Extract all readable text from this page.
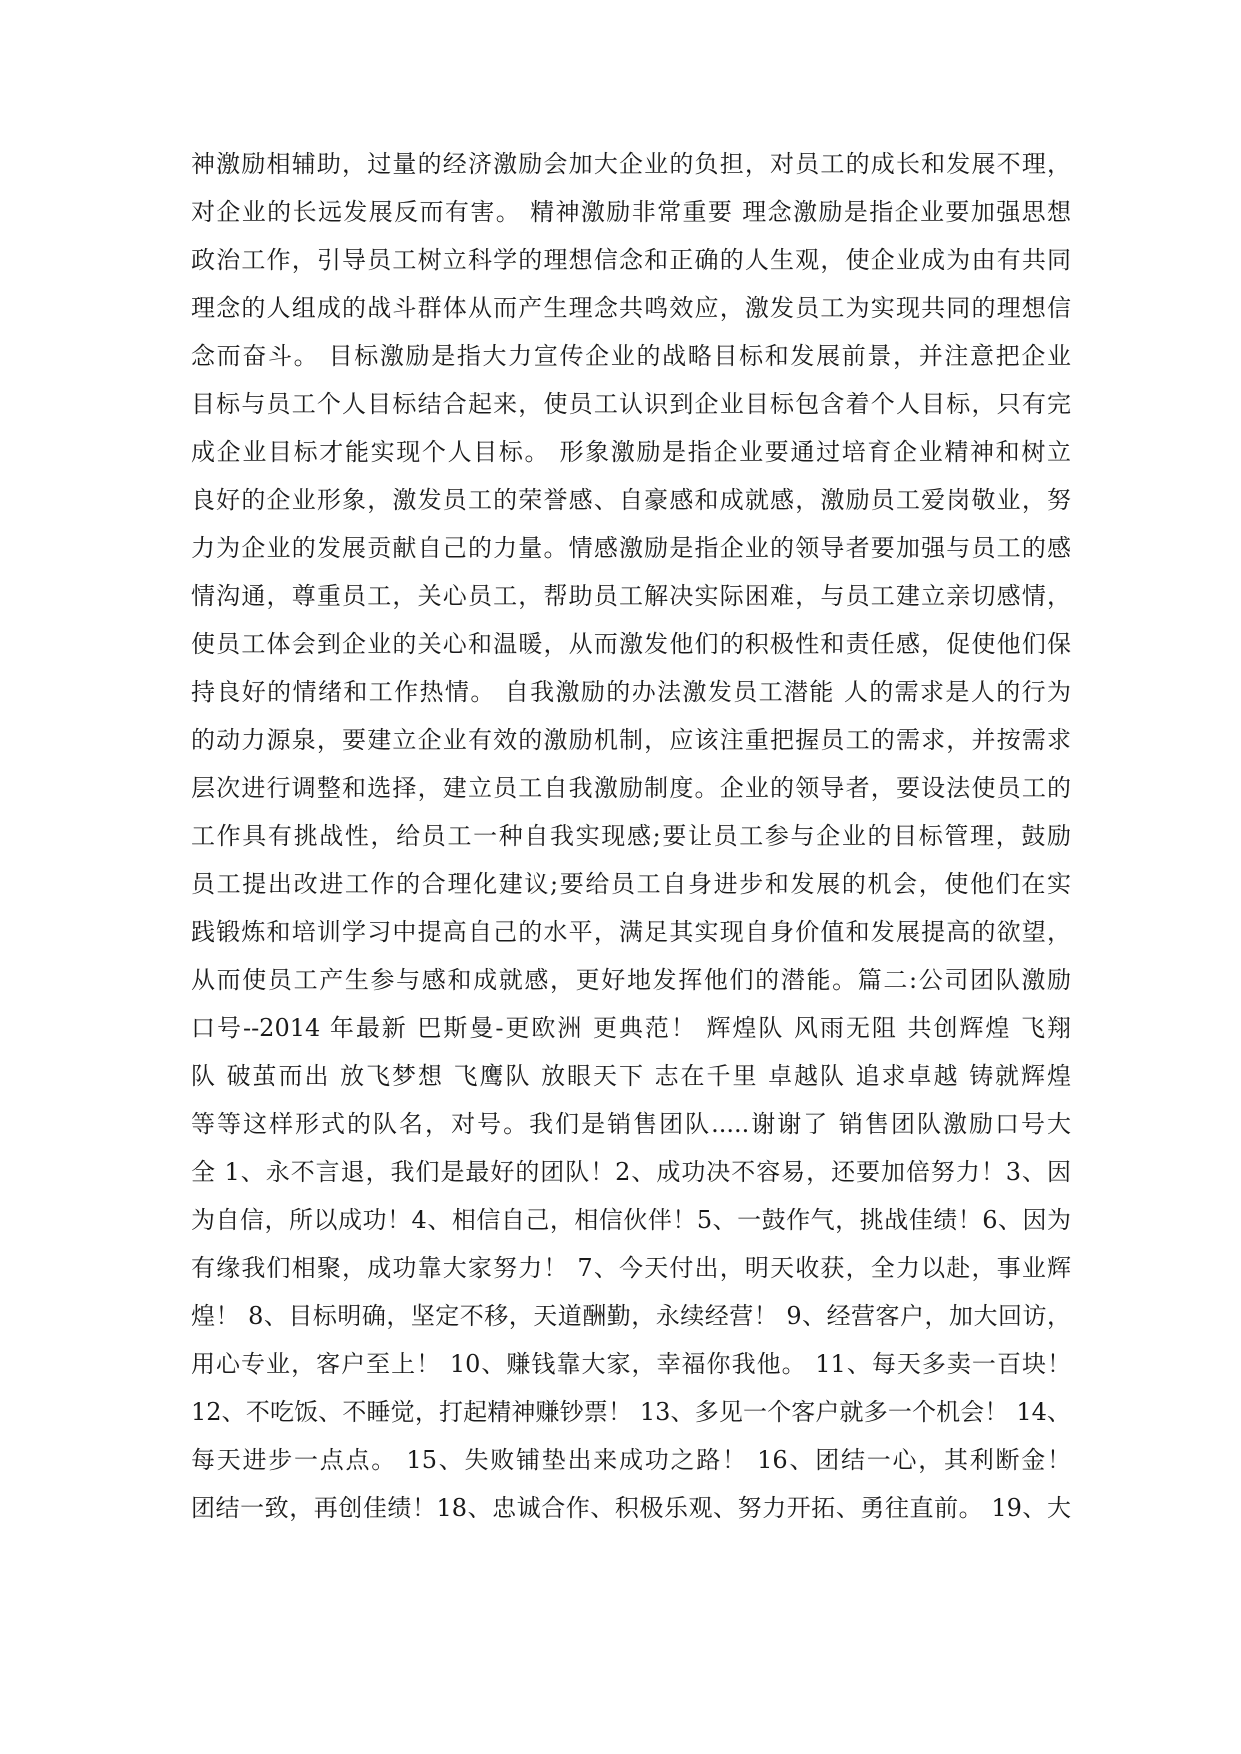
神激励相辅助，过量的经济激励会加大企业的负担，对员工的成长和发展不理，
对企业的长远发展反而有害。 精神激励非常重要 理念激励是指企业要加强思想
政治工作，引导员工树立科学的理想信念和正确的人生观，使企业成为由有共同
理念的人组成的战斗群体从而产生理念共鸣效应，激发员工为实现共同的理想信
念而奋斗。 目标激励是指大力宣传企业的战略目标和发展前景，并注意把企业
目标与员工个人目标结合起来，使员工认识到企业目标包含着个人目标，只有完
成企业目标才能实现个人目标。 形象激励是指企业要通过培育企业精神和树立
良好的企业形象，激发员工的荣誉感、自豪感和成就感，激励员工爱岗敬业，努
力为企业的发展贡献自己的力量。情感激励是指企业的领导者要加强与员工的感
情沟通，尊重员工，关心员工，帮助员工解决实际困难，与员工建立亲切感情，
使员工体会到企业的关心和温暖，从而激发他们的积极性和责任感，促使他们保
持良好的情绪和工作热情。 自我激励的办法激发员工潜能 人的需求是人的行为
的动力源泉，要建立企业有效的激励机制，应该注重把握员工的需求，并按需求
层次进行调整和选择，建立员工自我激励制度。企业的领导者，要设法使员工的
工作具有挑战性，给员工一种自我实现感;要让员工参与企业的目标管理，鼓励
员工提出改进工作的合理化建议;要给员工自身进步和发展的机会，使他们在实
践锻炼和培训学习中提高自己的水平，满足其实现自身价值和发展提高的欲望，
从而使员工产生参与感和成就感，更好地发挥他们的潜能。篇二:公司团队激励
口号--2014 年最新 巴斯曼-更欧洲 更典范！ 辉煌队 风雨无阻 共创辉煌 飞翔
队 破茧而出 放飞梦想 飞鹰队 放眼天下 志在千里 卓越队 追求卓越 铸就辉煌
等等这样形式的队名，对号。我们是销售团队.....谢谢了 销售团队激励口号大
全 1、永不言退，我们是最好的团队！2、成功决不容易，还要加倍努力！3、因
为自信，所以成功！4、相信自己，相信伙伴！5、一鼓作气，挑战佳绩！6、因为
有缘我们相聚，成功靠大家努力！ 7、今天付出，明天收获，全力以赴，事业辉
煌！ 8、目标明确，坚定不移，天道酬勤，永续经营！ 9、经营客户，加大回访，
用心专业，客户至上！ 10、赚钱靠大家，幸福你我他。 11、每天多卖一百块！
12、不吃饭、不睡觉，打起精神赚钞票！ 13、多见一个客户就多一个机会！ 14、
每天进步一点点。 15、失败铺垫出来成功之路！ 16、团结一心，其利断金！
团结一致，再创佳绩！18、忠诚合作、积极乐观、努力开拓、勇往直前。 19、大
